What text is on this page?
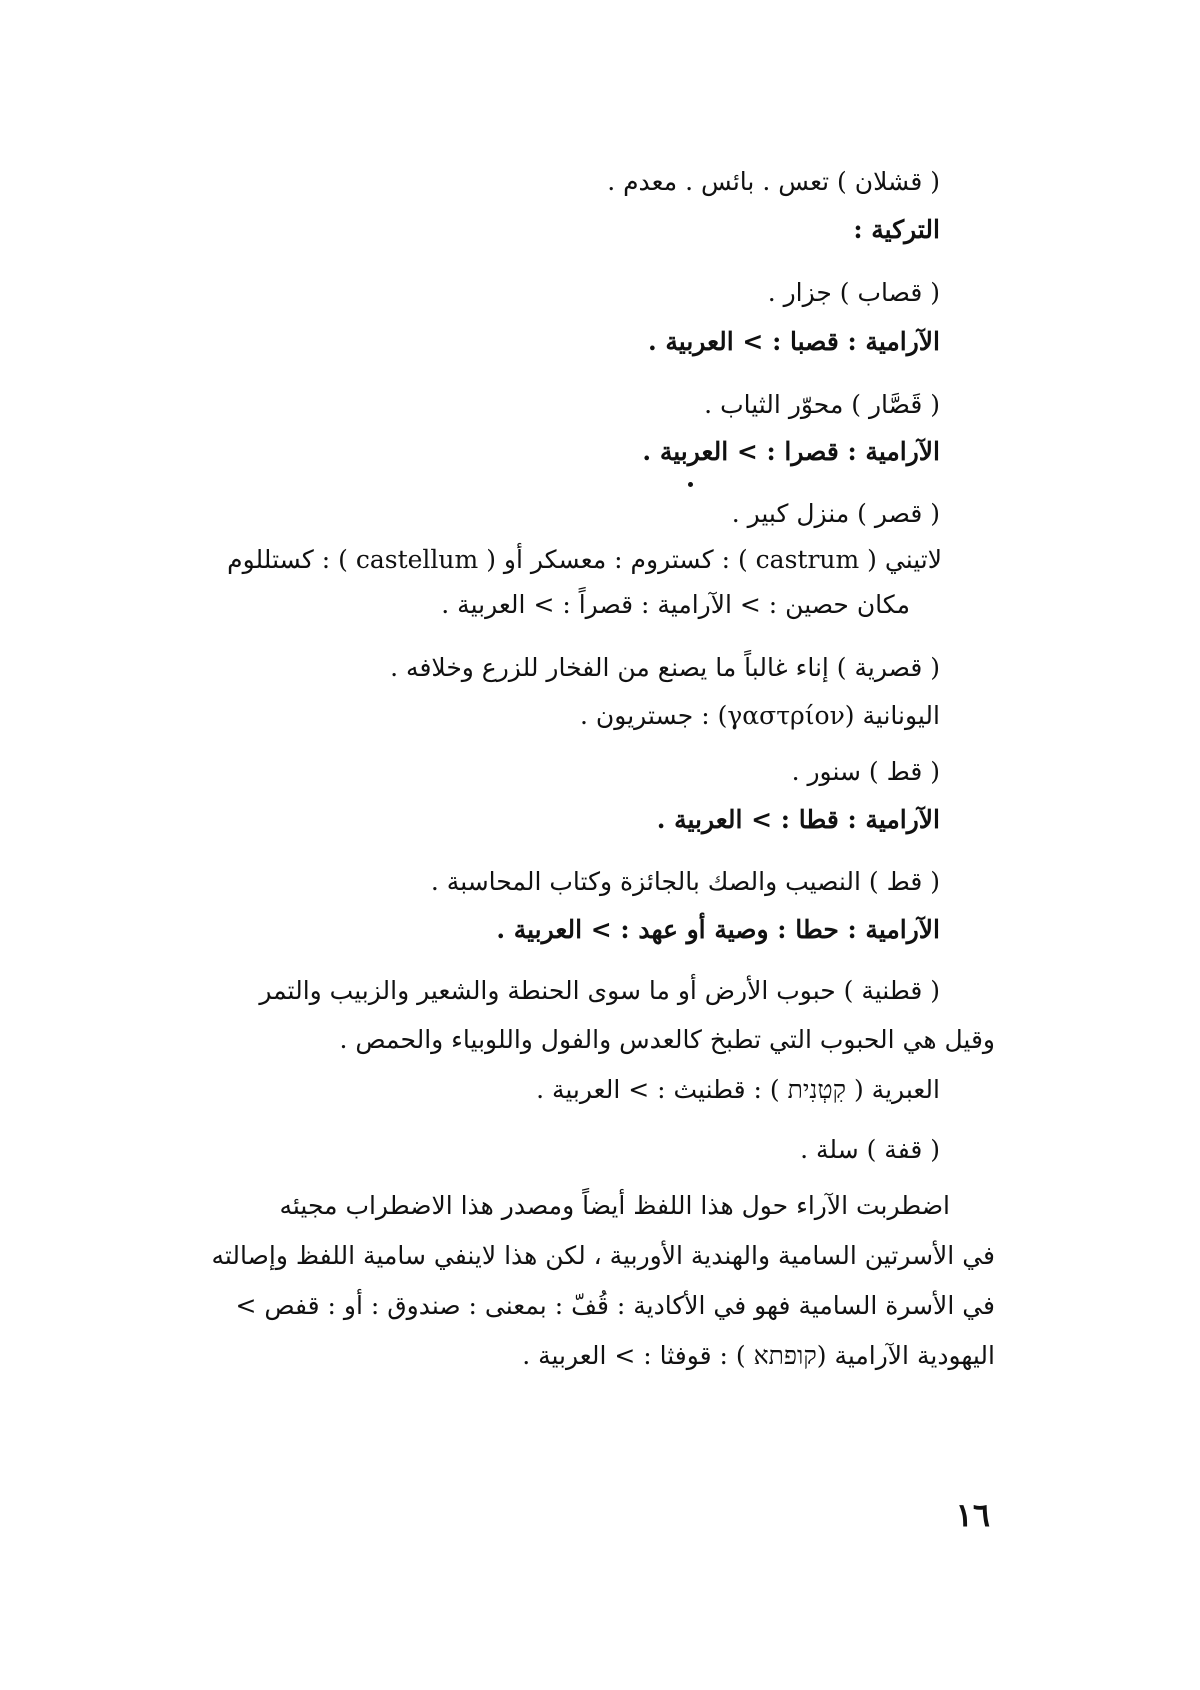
( قشلان ) تعس . بائس . معدم .
التركية :
( قصاب ) جزار .
الآرامية : قصبا : > العربية .
( قَصَّار ) محوّر الثياب .
الآرامية : قصرا : > العربية .
( قصر ) منزل كبير .
لاتيني ( castrum ) : كستروم : معسكر أو ( castellum ) : كستللوم
مكان حصين : > الآرامية : قصراً : > العربية .
( قصرية ) إناء غالباً ما يصنع من الفخار للزرع وخلافه .
اليونانية (γαστρίον) : جستريون .
( قط ) سنور .
الآرامية : قطا : > العربية .
( قط ) النصيب والصك بالجائزة وكتاب المحاسبة .
الآرامية : حطا : وصية أو عهد : > العربية .
( قطنية ) حبوب الأرض أو ما سوى الحنطة والشعير والزبيب والتمر
وقيل هي الحبوب التي تطبخ كالعدس والفول واللوبياء والحمص .
العبرية ( קִטְנִית ) : قطنيث : > العربية .
( قفة ) سلة .
اضطربت الآراء حول هذا اللفظ أيضاً ومصدر هذا الاضطراب مجيئه
في الأسرتين السامية والهندية الأوربية ، لكن هذا لاينفي سامية اللفظ وإصالته
في الأسرة السامية فهو في الأكادية : قُفّ : بمعنى : صندوق : أو : قفص >
اليهودية الآرامية (קופתא ) : قوفثا : > العربية .
١٦
